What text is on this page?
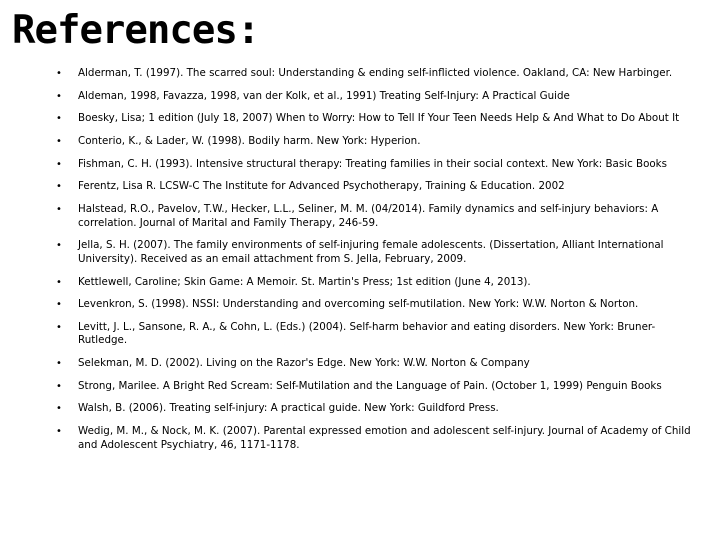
References:
• Alderman, T. (1997). The scarred soul: Understanding & ending self-inflicted violence. Oakland, CA: New Harbinger.
• Aldeman, 1998, Favazza, 1998, van der Kolk, et al., 1991) Treating Self-Injury: A Practical Guide
• Boesky, Lisa; 1 edition (July 18, 2007) When to Worry: How to Tell If Your Teen Needs Help & And What to Do About It
• Conterio, K., & Lader, W. (1998). Bodily harm. New York: Hyperion.
• Fishman, C. H. (1993). Intensive structural therapy: Treating families in their social context. New York: Basic Books
• Ferentz, Lisa R. LCSW-C The Institute for Advanced Psychotherapy, Training & Education. 2002
• Halstead, R.O., Pavelov, T.W., Hecker, L.L., Seliner, M. M. (04/2014). Family dynamics and self-injury behaviors: A correlation. Journal of Marital and Family Therapy, 246-59.
• Jella, S. H. (2007). The family environments of self-injuring female adolescents. (Dissertation, Alliant International University). Received as an email attachment from S. Jella, February, 2009.
• Kettlewell, Caroline; Skin Game: A Memoir. St. Martin's Press; 1st edition (June 4, 2013).
• Levenkron, S. (1998). NSSI: Understanding and overcoming self-mutilation. New York: W.W. Norton & Norton.
• Levitt, J. L., Sansone, R. A., & Cohn, L. (Eds.) (2004). Self-harm behavior and eating disorders. New York: Bruner- Rutledge.
• Selekman, M. D. (2002). Living on the Razor's Edge. New York: W.W. Norton & Company
• Strong, Marilee. A Bright Red Scream: Self-Mutilation and the Language of Pain. (October 1, 1999) Penguin Books
• Walsh, B. (2006). Treating self-injury: A practical guide. New York: Guildford Press.
• Wedig, M. M., & Nock, M. K. (2007). Parental expressed emotion and adolescent self-injury. Journal of Academy of Child and Adolescent Psychiatry, 46, 1171-1178.
